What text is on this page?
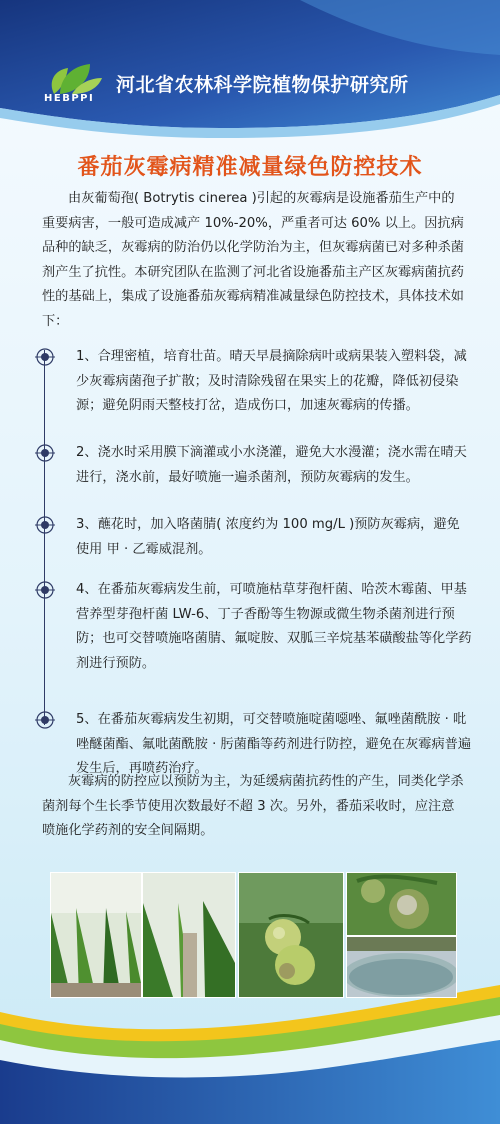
HEBPPI
河北省农林科学院植物保护研究所
番茄灰霉病精准减量绿色防控技术
由灰葡萄孢( Botrytis cinerea )引起的灰霉病是设施番茄生产中的重要病害，一般可造成减产 10%-20%，严重者可达 60% 以上。因抗病品种的缺乏，灰霉病的防治仍以化学防治为主，但灰霉病菌已对多种杀菌剂产生了抗性。本研究团队在监测了河北省设施番茄主产区灰霉病菌抗药性的基础上，集成了设施番茄灰霉病精准减量绿色防控技术，具体技术如下：
1、合理密植，培育壮苗。晴天早晨摘除病叶或病果装入塑料袋，减少灰霉病菌孢子扩散；及时清除残留在果实上的花瓣，降低初侵染源；避免阴雨天整枝打岔，造成伤口，加速灰霉病的传播。
2、浇水时采用膜下滴灌或小水浇灌，避免大水漫灌；浇水需在晴天进行，浇水前，最好喷施一遍杀菌剂，预防灰霉病的发生。
3、蘸花时，加入咯菌腈( 浓度约为 100 mg/L )预防灰霉病，避免使用 甲 · 乙霉威混剂。
4、在番茄灰霉病发生前，可喷施枯草芽孢杆菌、哈茨木霉菌、甲基营养型芽孢杆菌 LW-6、丁子香酚等生物源或微生物杀菌剂进行预防；也可交替喷施咯菌腈、氟啶胺、双胍三辛烷基苯磺酸盐等化学药剂进行预防。
5、在番茄灰霉病发生初期，可交替喷施啶菌噁唑、氟唑菌酰胺 · 吡唑醚菌酯、氟吡菌酰胺 · 肟菌酯等药剂进行防控，避免在灰霉病普遍发生后，再喷药治疗。
灰霉病的防控应以预防为主，为延缓病菌抗药性的产生，同类化学杀菌剂每个生长季节使用次数最好不超 3 次。另外，番茄采收时，应注意喷施化学药剂的安全间隔期。
